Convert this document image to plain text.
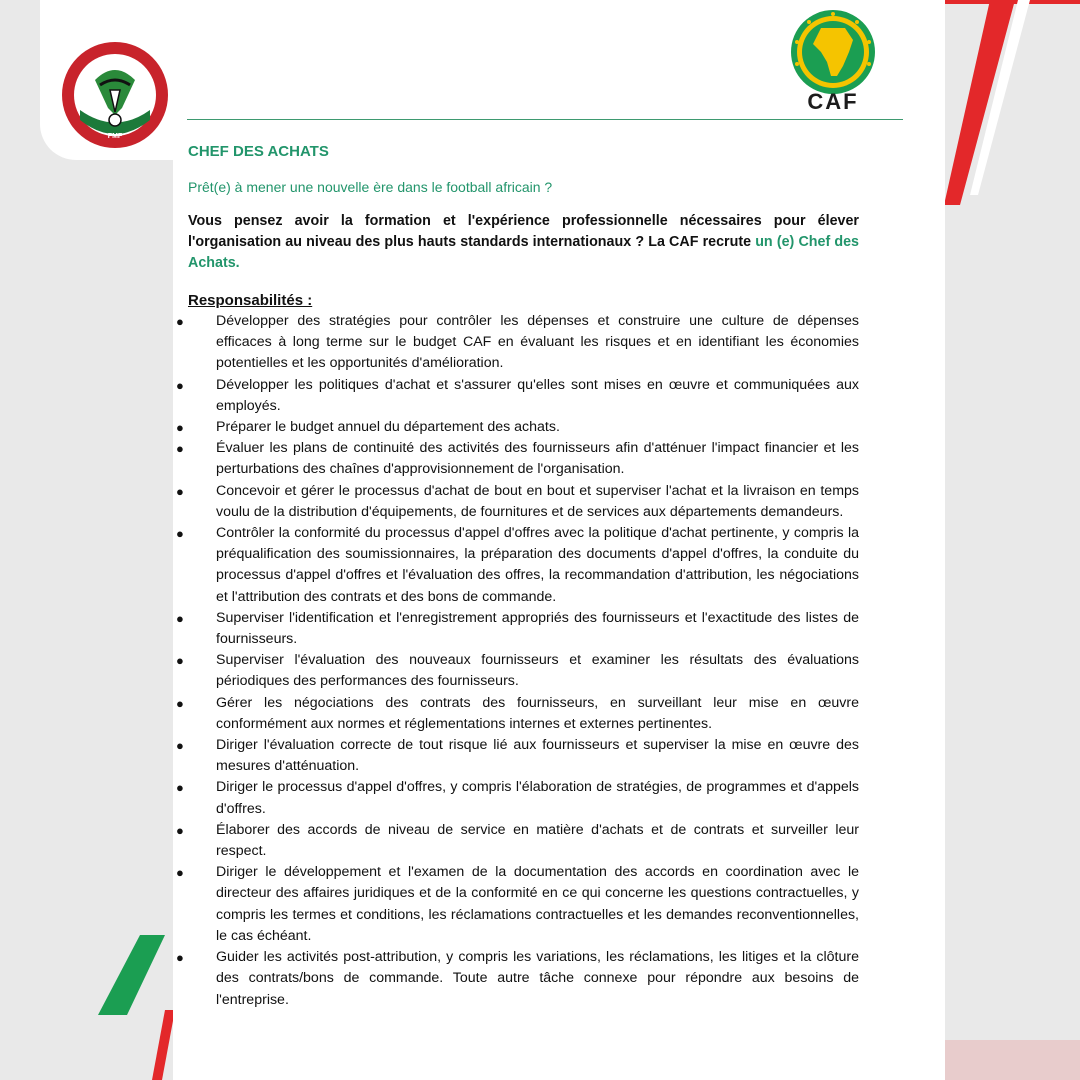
FMF
CAF
CHEF DES ACHATS
Prêt(e) à mener une nouvelle ère dans le football africain ?

Vous pensez avoir la formation et l'expérience professionnelle nécessaires pour élever l'organisation au niveau des plus hauts standards internationaux ? La CAF recrute un (e) Chef des Achats.

Responsabilités :
● Développer des stratégies pour contrôler les dépenses et construire une culture de dépenses efficaces à long terme sur le budget CAF en évaluant les risques et en identifiant les économies potentielles et les opportunités d'amélioration.
● Développer les politiques d'achat et s'assurer qu'elles sont mises en œuvre et communiquées aux employés.
● Préparer le budget annuel du département des achats.
● Évaluer les plans de continuité des activités des fournisseurs afin d'atténuer l'impact financier et les perturbations des chaînes d'approvisionnement de l'organisation.
● Concevoir et gérer le processus d'achat de bout en bout et superviser l'achat et la livraison en temps voulu de la distribution d'équipements, de fournitures et de services aux départements demandeurs.
● Contrôler la conformité du processus d'appel d'offres avec la politique d'achat pertinente, y compris la préqualification des soumissionnaires, la préparation des documents d'appel d'offres, la conduite du processus d'appel d'offres et l'évaluation des offres, la recommandation d'attribution, les négociations et l'attribution des contrats et des bons de commande.
● Superviser l'identification et l'enregistrement appropriés des fournisseurs et l'exactitude des listes de fournisseurs.
● Superviser l'évaluation des nouveaux fournisseurs et examiner les résultats des évaluations périodiques des performances des fournisseurs.
● Gérer les négociations des contrats des fournisseurs, en surveillant leur mise en œuvre conformément aux normes et réglementations internes et externes pertinentes.
● Diriger l'évaluation correcte de tout risque lié aux fournisseurs et superviser la mise en œuvre des mesures d'atténuation.
● Diriger le processus d'appel d'offres, y compris l'élaboration de stratégies, de programmes et d'appels d'offres.
● Élaborer des accords de niveau de service en matière d'achats et de contrats et surveiller leur respect.
● Diriger le développement et l'examen de la documentation des accords en coordination avec le directeur des affaires juridiques et de la conformité en ce qui concerne les questions contractuelles, y compris les termes et conditions, les réclamations contractuelles et les demandes reconventionnelles, le cas échéant.
● Guider les activités post-attribution, y compris les variations, les réclamations, les litiges et la clôture des contrats/bons de commande. Toute autre tâche connexe pour répondre aux besoins de l'entreprise.
